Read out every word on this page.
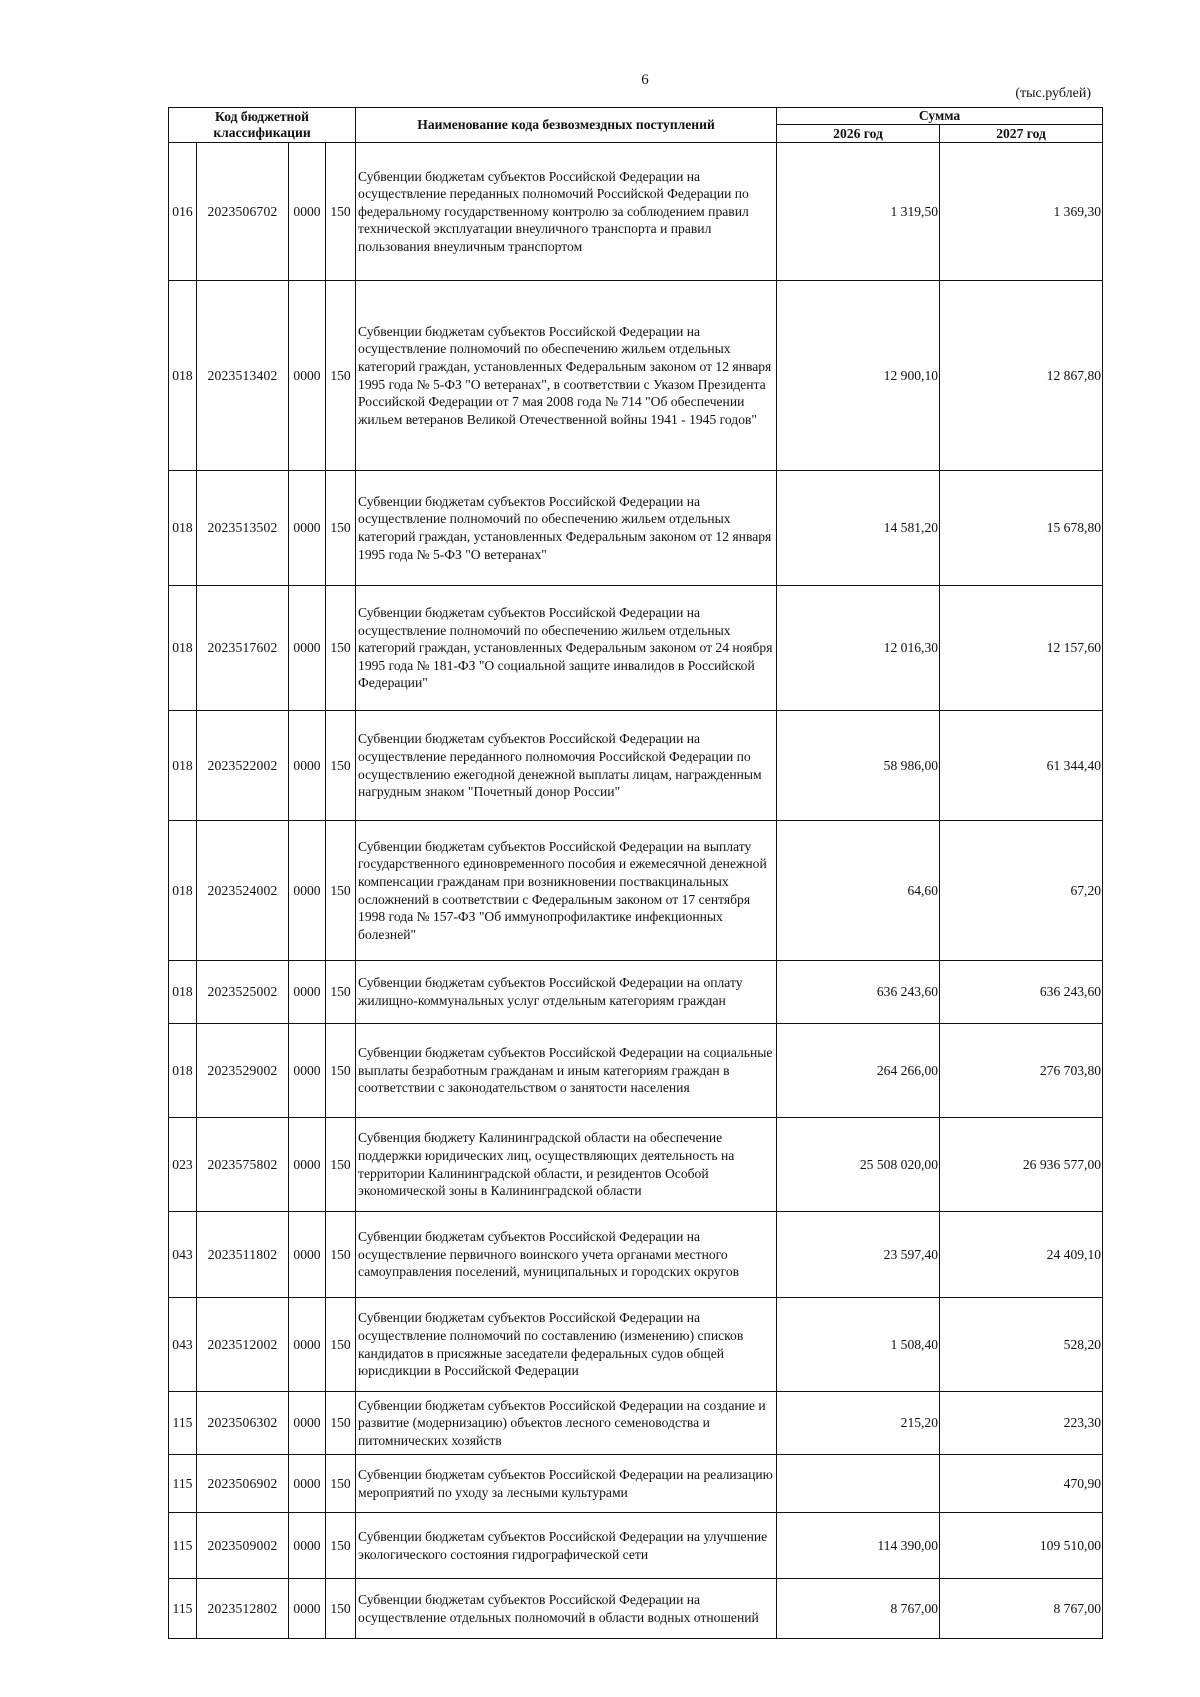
6
(тыс.рублей)
Код бюджетной классификации				Наименование кода безвозмездных поступлений	Сумма	
					2026 год	2027 год
016	2023506702	0000	150	Субвенции бюджетам субъектов Российской Федерации на осуществление переданных полномочий Российской Федерации по федеральному государственному контролю за соблюдением правил технической эксплуатации внеуличного транспорта и правил пользования внеуличным транспортом	1 319,50	1 369,30
018	2023513402	0000	150	Субвенции бюджетам субъектов Российской Федерации на осуществление полномочий по обеспечению жильем отдельных категорий граждан, установленных Федеральным законом от 12 января 1995 года № 5-ФЗ "О ветеранах", в соответствии с Указом Президента Российской Федерации от 7 мая 2008 года № 714 "Об обеспечении жильем ветеранов Великой Отечественной войны 1941 - 1945 годов"	12 900,10	12 867,80
018	2023513502	0000	150	Субвенции бюджетам субъектов Российской Федерации на осуществление полномочий по обеспечению жильем отдельных категорий граждан, установленных Федеральным законом от 12 января 1995 года № 5-ФЗ "О ветеранах"	14 581,20	15 678,80
018	2023517602	0000	150	Субвенции бюджетам субъектов Российской Федерации на осуществление полномочий по обеспечению жильем отдельных категорий граждан, установленных Федеральным законом от 24 ноября 1995 года № 181-ФЗ "О социальной защите инвалидов в Российской Федерации"	12 016,30	12 157,60
018	2023522002	0000	150	Субвенции бюджетам субъектов Российской Федерации на осуществление переданного полномочия Российской Федерации по осуществлению ежегодной денежной выплаты лицам, награжденным нагрудным знаком "Почетный донор России"	58 986,00	61 344,40
018	2023524002	0000	150	Субвенции бюджетам субъектов Российской Федерации на выплату государственного единовременного пособия и ежемесячной денежной компенсации гражданам при возникновении поствакцинальных осложнений в соответствии с Федеральным законом от 17 сентября 1998 года № 157-ФЗ "Об иммунопрофилактике инфекционных болезней"	64,60	67,20
018	2023525002	0000	150	Субвенции бюджетам субъектов Российской Федерации на оплату жилищно-коммунальных услуг отдельным категориям граждан	636 243,60	636 243,60
018	2023529002	0000	150	Субвенции бюджетам субъектов Российской Федерации на социальные выплаты безработным гражданам и иным категориям граждан в соответствии с законодательством о занятости населения	264 266,00	276 703,80
023	2023575802	0000	150	Субвенция бюджету Калининградской области на обеспечение поддержки юридических лиц, осуществляющих деятельность на территории Калининградской области, и резидентов Особой экономической зоны в Калининградской области	25 508 020,00	26 936 577,00
043	2023511802	0000	150	Субвенции бюджетам субъектов Российской Федерации на осуществление первичного воинского учета органами местного самоуправления поселений, муниципальных и городских округов	23 597,40	24 409,10
043	2023512002	0000	150	Субвенции бюджетам субъектов Российской Федерации на осуществление полномочий по составлению (изменению) списков кандидатов в присяжные заседатели федеральных судов общей юрисдикции в Российской Федерации	1 508,40	528,20
115	2023506302	0000	150	Субвенции бюджетам субъектов Российской Федерации на создание и развитие (модернизацию) объектов лесного семеноводства и питомнических хозяйств	215,20	223,30
115	2023506902	0000	150	Субвенции бюджетам субъектов Российской Федерации на реализацию мероприятий по уходу за лесными культурами		470,90
115	2023509002	0000	150	Субвенции бюджетам субъектов Российской Федерации на улучшение экологического состояния гидрографической сети	114 390,00	109 510,00
115	2023512802	0000	150	Субвенции бюджетам субъектов Российской Федерации на осуществление отдельных полномочий в области водных отношений	8 767,00	8 767,00
